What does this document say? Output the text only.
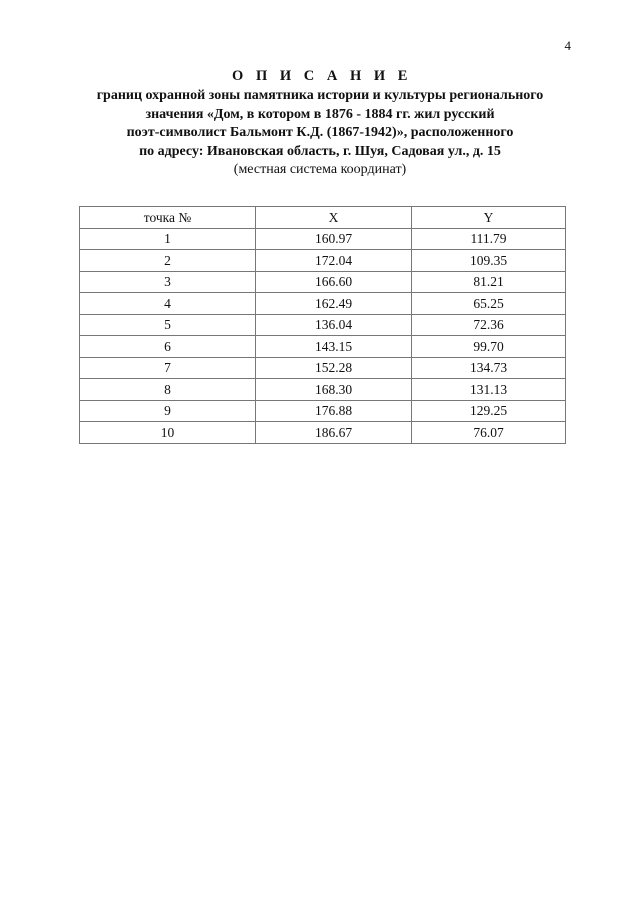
4
О П И С А Н И Е
границ охранной зоны памятника истории и культуры регионального
значения «Дом, в котором в 1876 - 1884 гг. жил русский
поэт-символист Бальмонт К.Д. (1867-1942)», расположенного
по адресу: Ивановская область, г. Шуя, Садовая ул., д. 15
(местная система координат)
точка №	X	Y
1	160.97	111.79
2	172.04	109.35
3	166.60	81.21
4	162.49	65.25
5	136.04	72.36
6	143.15	99.70
7	152.28	134.73
8	168.30	131.13
9	176.88	129.25
10	186.67	76.07
